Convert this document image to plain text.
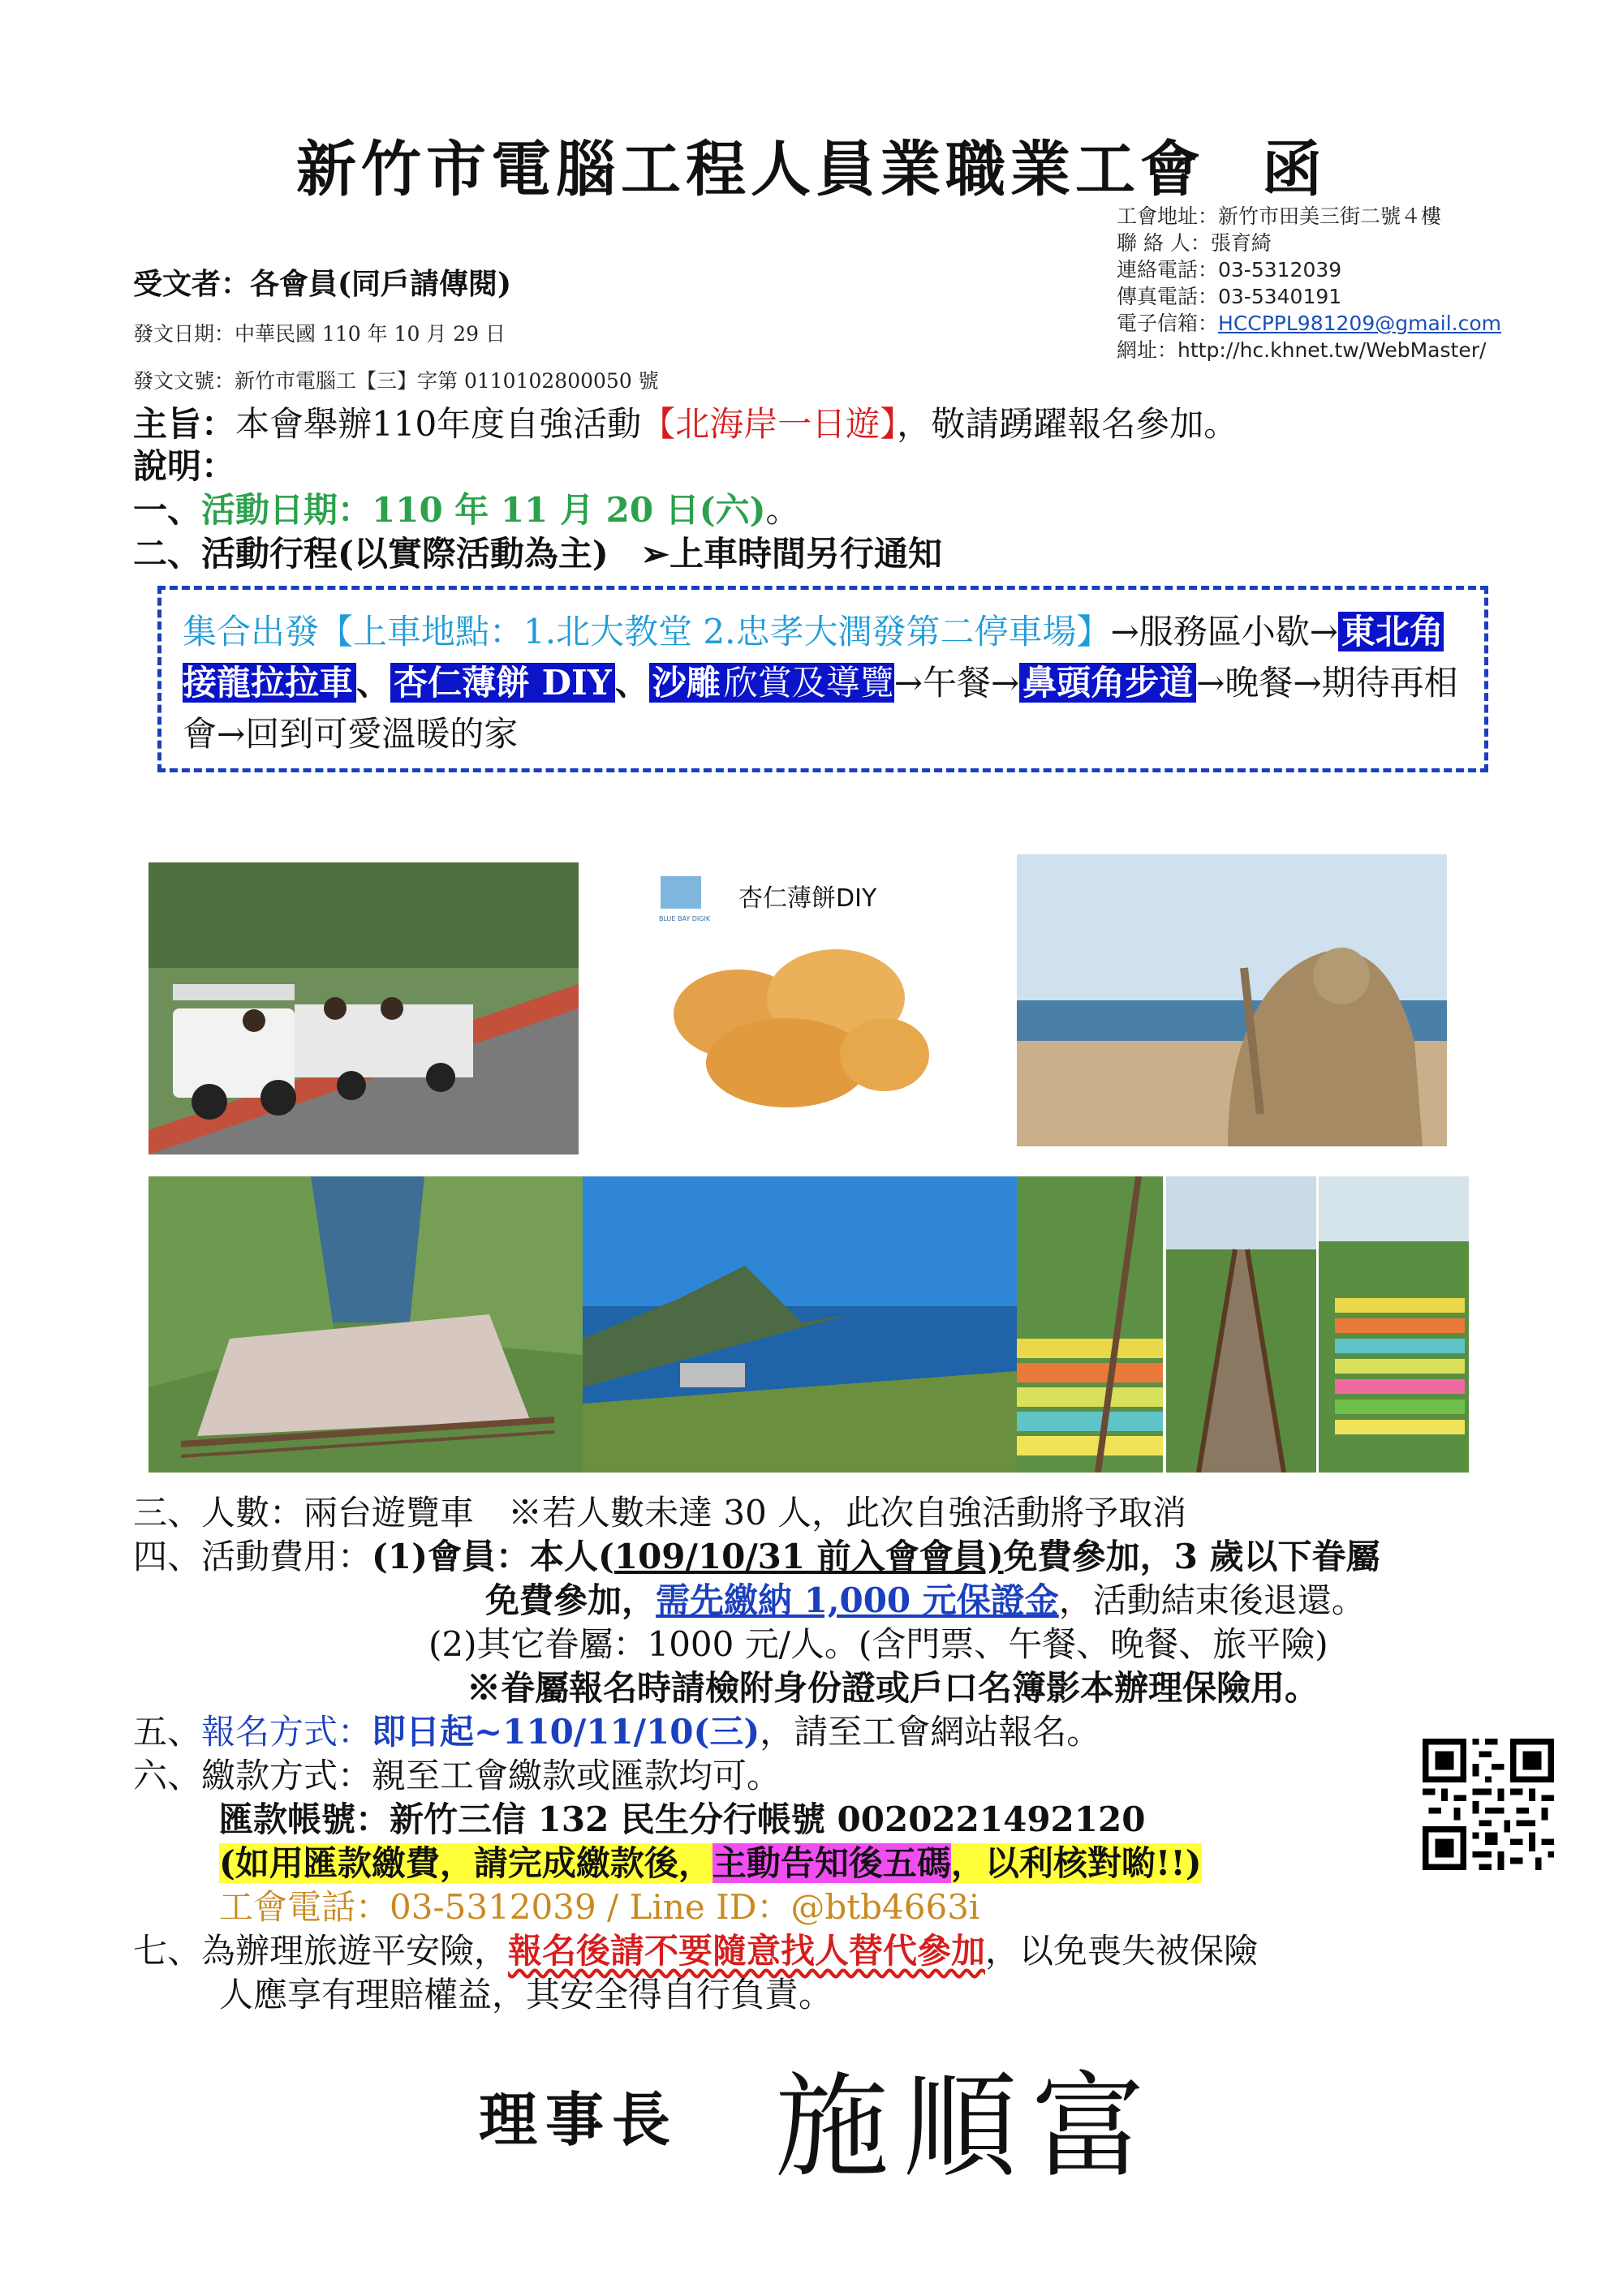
新竹市電腦工程人員業職業工會 函
工會地址：新竹市田美三街二號４樓
聯 絡 人：張育綺
連絡電話：03-5312039
傳真電話：03-5340191
電子信箱：HCCPPL981209@gmail.com
網址：http://hc.khnet.tw/WebMaster/
受文者：各會員(同戶請傳閱)
發文日期：中華民國 110 年 10 月 29 日
發文文號：新竹市電腦工【三】字第 0110102800050 號
主旨：本會舉辦110年度自強活動【北海岸一日遊】，敬請踴躍報名參加。
說明：
一、活動日期：110 年 11 月 20 日(六)。
二、活動行程(以實際活動為主) ➢上車時間另行通知
集合出發【上車地點：1.北大教堂 2.忠孝大潤發第二停車場】→服務區小歇→東北角接龍拉拉車、杏仁薄餅 DIY、沙雕欣賞及導覽→午餐→鼻頭角步道→晚餐→期待再相會→回到可愛溫暖的家
BLUE BAY DIGIK
杏仁薄餅DIY
三、人數：兩台遊覽車　※若人數未達 30 人，此次自強活動將予取消
四、活動費用：(1)會員：本人(109/10/31 前入會會員)免費參加，3 歲以下眷屬
免費參加，需先繳納 1,000 元保證金，活動結束後退還。
(2)其它眷屬：1000 元/人。(含門票、午餐、晚餐、旅平險)
※眷屬報名時請檢附身份證或戶口名簿影本辦理保險用。
五、報名方式：即日起~110/11/10(三)，請至工會網站報名。
六、繳款方式：親至工會繳款或匯款均可。
匯款帳號：新竹三信 132 民生分行帳號 0020221492120
(如用匯款繳費，請完成繳款後，主動告知後五碼，以利核對喲!!)
工會電話：03-5312039 / Line ID：@btb4663i
七、為辦理旅遊平安險，報名後請不要隨意找人替代參加，以免喪失被保險
人應享有理賠權益，其安全得自行負責。
理事長 施順富
